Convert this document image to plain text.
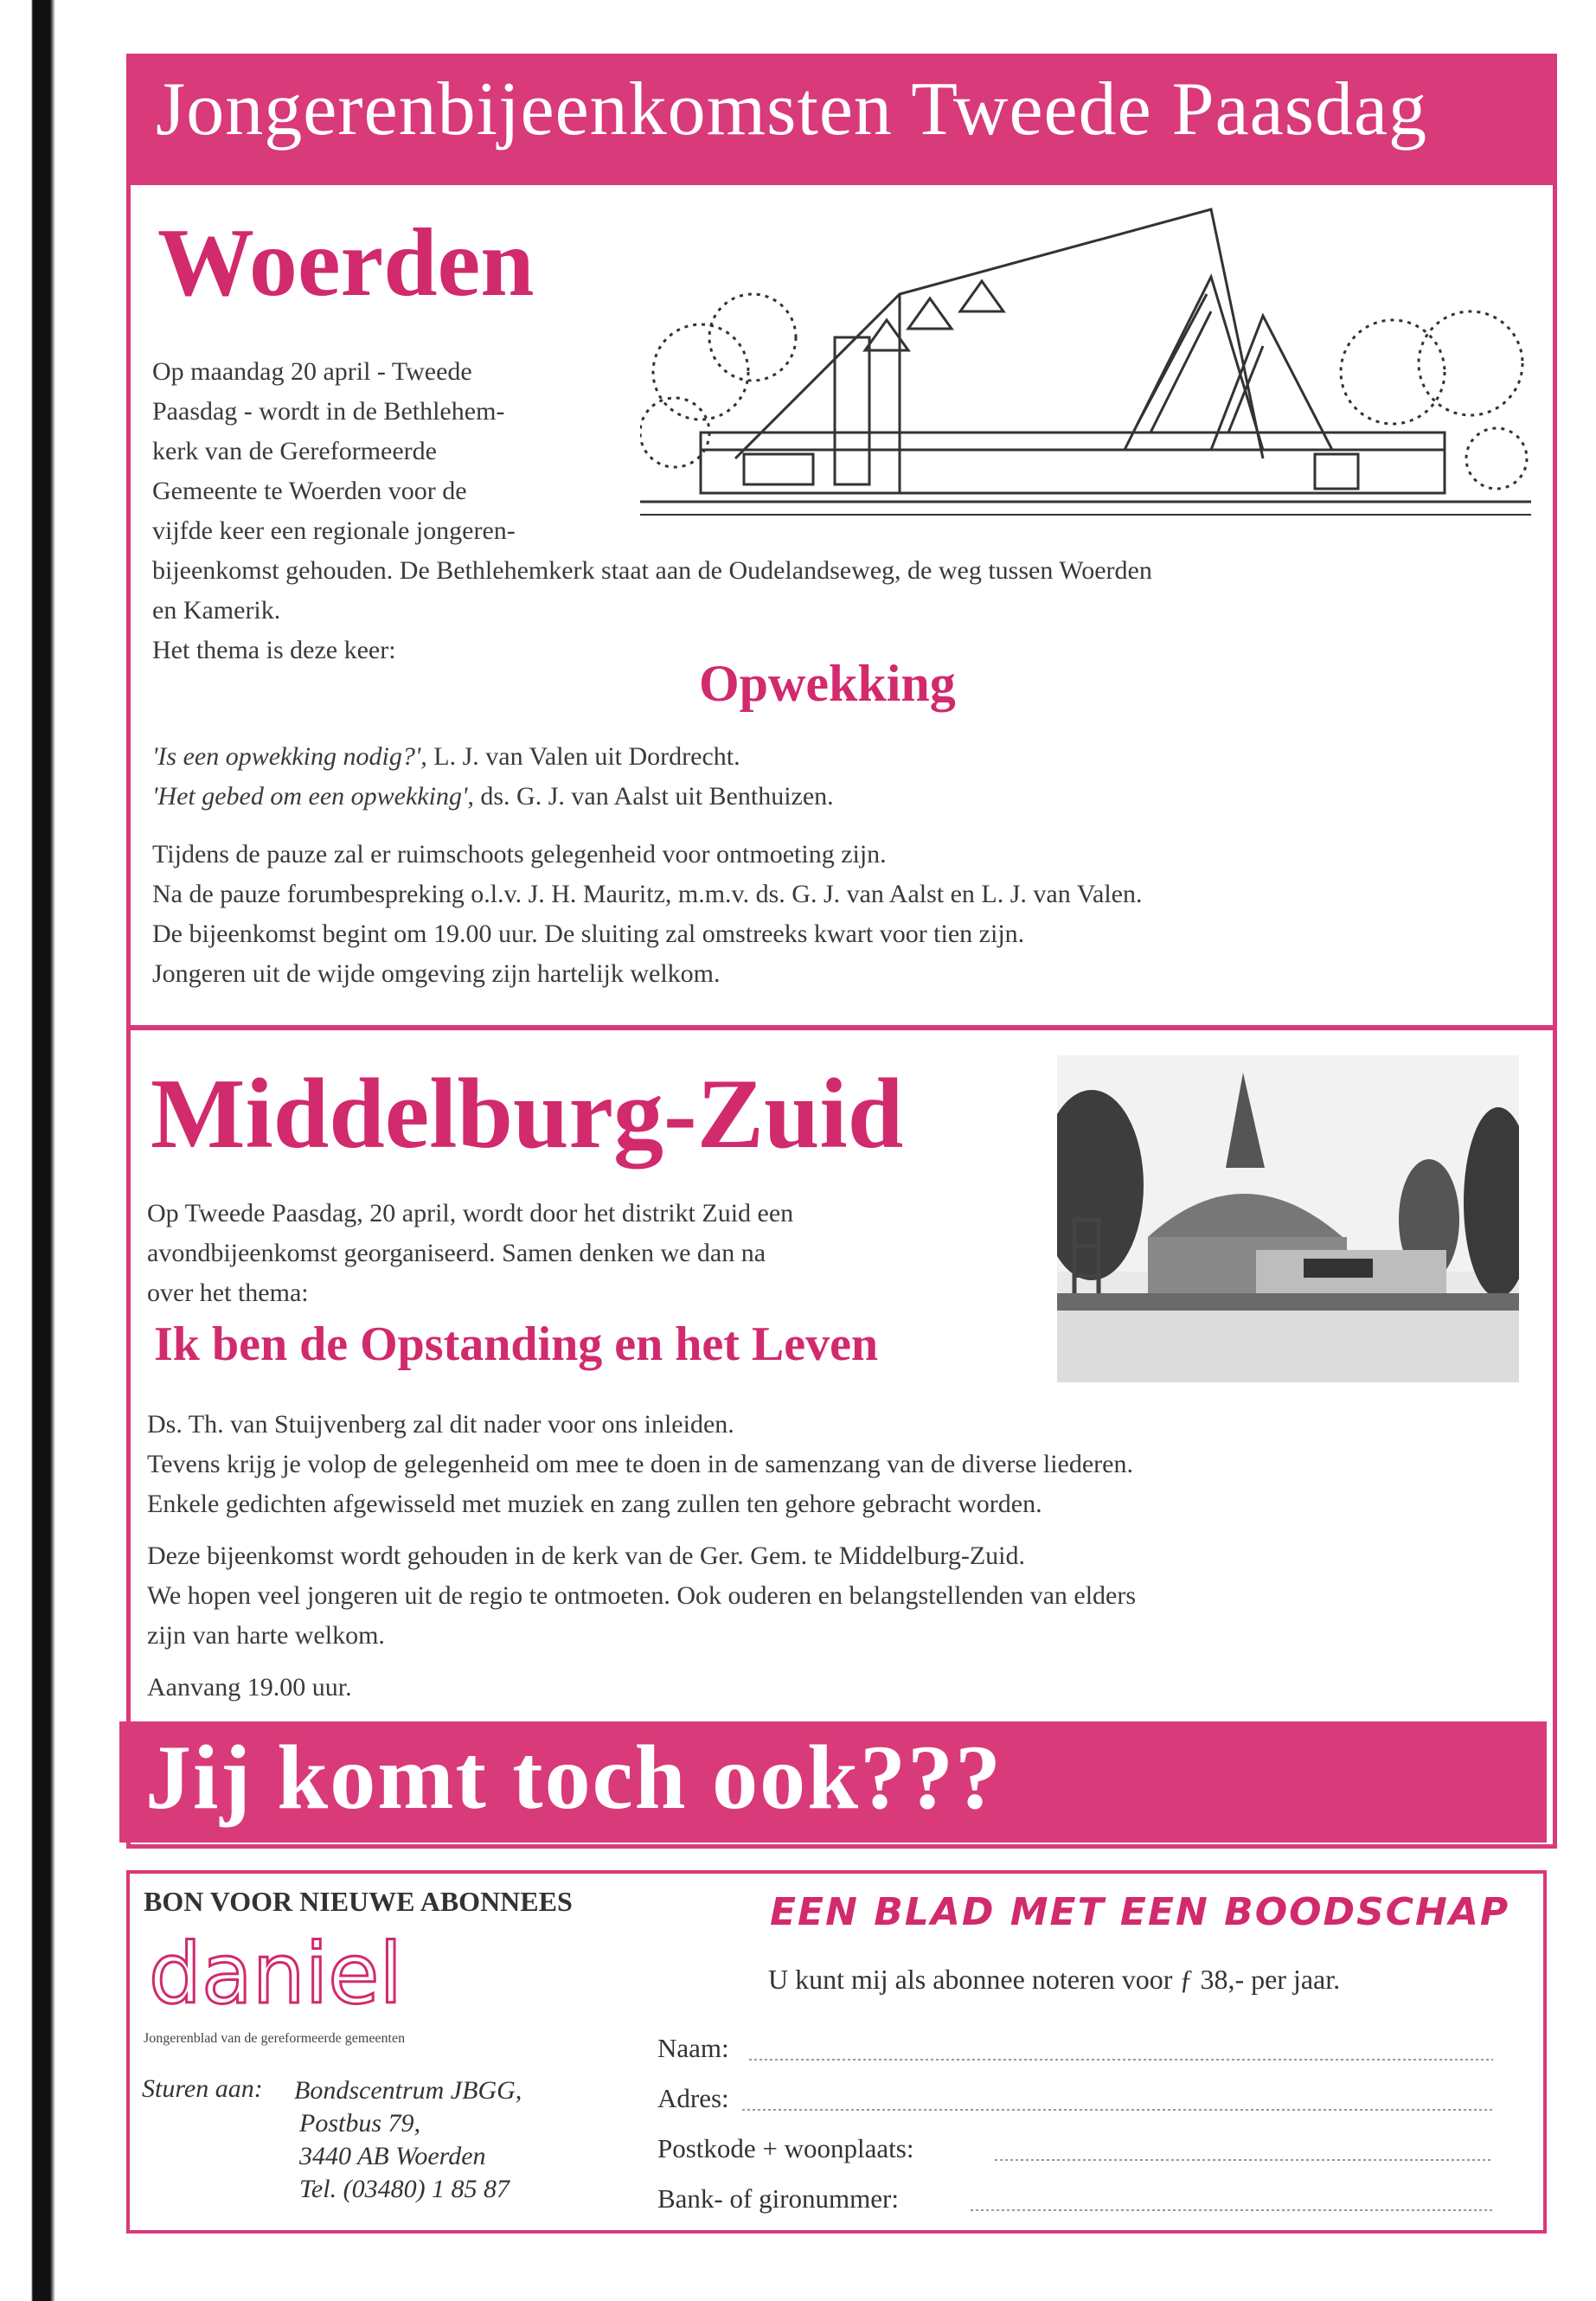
Jongerenbijeenkomsten Tweede Paasdag
Woerden
Op maandag 20 april - Tweede
Paasdag - wordt in de Bethlehem-
kerk van de Gereformeerde
Gemeente te Woerden voor de
vijfde keer een regionale jongeren-
bijeenkomst gehouden. De Bethlehemkerk staat aan de Oudelandseweg, de weg tussen Woerden
en Kamerik.
Het thema is deze keer:
Opwekking
'Is een opwekking nodig?', L. J. van Valen uit Dordrecht.
'Het gebed om een opwekking', ds. G. J. van Aalst uit Benthuizen.
Tijdens de pauze zal er ruimschoots gelegenheid voor ontmoeting zijn.
Na de pauze forumbespreking o.l.v. J. H. Mauritz, m.m.v. ds. G. J. van Aalst en L. J. van Valen.
De bijeenkomst begint om 19.00 uur. De sluiting zal omstreeks kwart voor tien zijn.
Jongeren uit de wijde omgeving zijn hartelijk welkom.
Middelburg-Zuid
Op Tweede Paasdag, 20 april, wordt door het distrikt Zuid een
avondbijeenkomst georganiseerd. Samen denken we dan na
over het thema:
Ik ben de Opstanding en het Leven
Ds. Th. van Stuijvenberg zal dit nader voor ons inleiden.
Tevens krijg je volop de gelegenheid om mee te doen in de samenzang van de diverse liederen.
Enkele gedichten afgewisseld met muziek en zang zullen ten gehore gebracht worden.
Deze bijeenkomst wordt gehouden in de kerk van de Ger. Gem. te Middelburg-Zuid.
We hopen veel jongeren uit de regio te ontmoeten. Ook ouderen en belangstellenden van elders
zijn van harte welkom.
Aanvang 19.00 uur.
Jij komt toch ook???
BON VOOR NIEUWE ABONNEES
daniel
Jongerenblad van de gereformeerde gemeenten
Sturen aan: Bondscentrum JBGG,
Postbus 79,
3440 AB Woerden
Tel. (03480) 1 85 87
EEN BLAD MET EEN BOODSCHAP
U kunt mij als abonnee noteren voor ƒ 38,- per jaar.
Naam:
Adres:
Postkode + woonplaats:
Bank- of gironummer:
